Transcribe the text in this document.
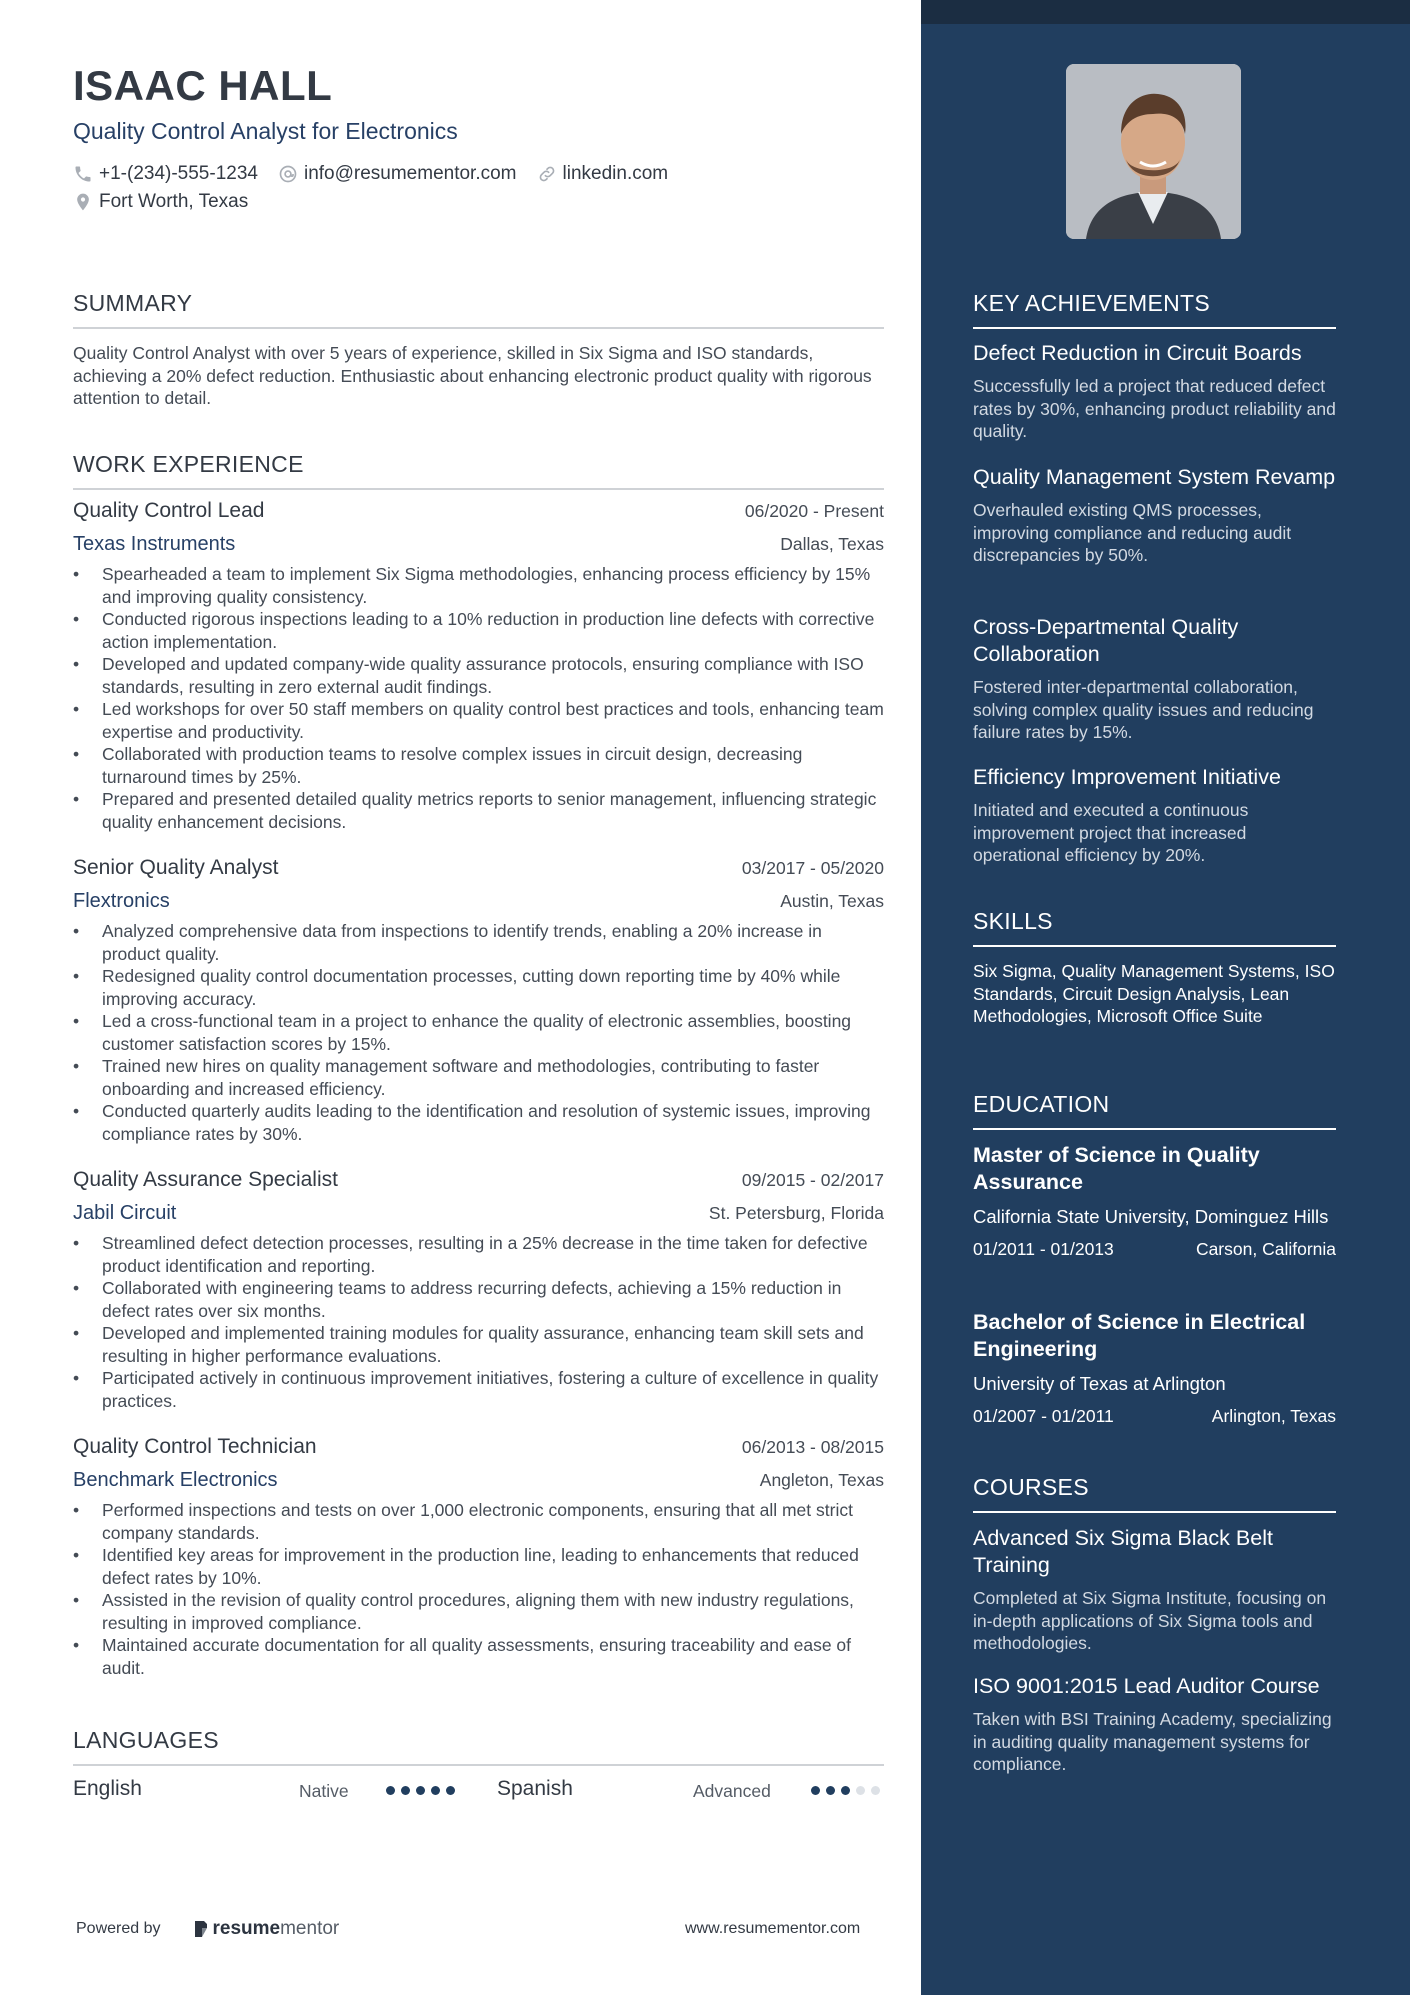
ISAAC HALL
Quality Control Analyst for Electronics
+1-(234)-555-1234 info@resumementor.com linkedin.com
Fort Worth, Texas
SUMMARY
Quality Control Analyst with over 5 years of experience, skilled in Six Sigma and ISO standards, achieving a 20% defect reduction. Enthusiastic about enhancing electronic product quality with rigorous attention to detail.
WORK EXPERIENCE
Quality Control Lead	06/2020 - Present
Texas Instruments	Dallas, Texas
• Spearheaded a team to implement Six Sigma methodologies, enhancing process efficiency by 15% and improving quality consistency.
• Conducted rigorous inspections leading to a 10% reduction in production line defects with corrective action implementation.
• Developed and updated company-wide quality assurance protocols, ensuring compliance with ISO standards, resulting in zero external audit findings.
• Led workshops for over 50 staff members on quality control best practices and tools, enhancing team expertise and productivity.
• Collaborated with production teams to resolve complex issues in circuit design, decreasing turnaround times by 25%.
• Prepared and presented detailed quality metrics reports to senior management, influencing strategic quality enhancement decisions.
Senior Quality Analyst	03/2017 - 05/2020
Flextronics	Austin, Texas
• Analyzed comprehensive data from inspections to identify trends, enabling a 20% increase in product quality.
• Redesigned quality control documentation processes, cutting down reporting time by 40% while improving accuracy.
• Led a cross-functional team in a project to enhance the quality of electronic assemblies, boosting customer satisfaction scores by 15%.
• Trained new hires on quality management software and methodologies, contributing to faster onboarding and increased efficiency.
• Conducted quarterly audits leading to the identification and resolution of systemic issues, improving compliance rates by 30%.
Quality Assurance Specialist	09/2015 - 02/2017
Jabil Circuit	St. Petersburg, Florida
• Streamlined defect detection processes, resulting in a 25% decrease in the time taken for defective product identification and reporting.
• Collaborated with engineering teams to address recurring defects, achieving a 15% reduction in defect rates over six months.
• Developed and implemented training modules for quality assurance, enhancing team skill sets and resulting in higher performance evaluations.
• Participated actively in continuous improvement initiatives, fostering a culture of excellence in quality practices.
Quality Control Technician	06/2013 - 08/2015
Benchmark Electronics	Angleton, Texas
• Performed inspections and tests on over 1,000 electronic components, ensuring that all met strict company standards.
• Identified key areas for improvement in the production line, leading to enhancements that reduced defect rates by 10%.
• Assisted in the revision of quality control procedures, aligning them with new industry regulations, resulting in improved compliance.
• Maintained accurate documentation for all quality assessments, ensuring traceability and ease of audit.
LANGUAGES
English	Native	Spanish	Advanced
Powered by	resume mentor	www.resumementor.com
KEY ACHIEVEMENTS
Defect Reduction in Circuit Boards
Successfully led a project that reduced defect rates by 30%, enhancing product reliability and quality.
Quality Management System Revamp
Overhauled existing QMS processes, improving compliance and reducing audit discrepancies by 50%.
Cross-Departmental Quality Collaboration
Fostered inter-departmental collaboration, solving complex quality issues and reducing failure rates by 15%.
Efficiency Improvement Initiative
Initiated and executed a continuous improvement project that increased operational efficiency by 20%.
SKILLS
Six Sigma, Quality Management Systems, ISO Standards, Circuit Design Analysis, Lean Methodologies, Microsoft Office Suite
EDUCATION
Master of Science in Quality Assurance
California State University, Dominguez Hills
01/2011 - 01/2013	Carson, California
Bachelor of Science in Electrical Engineering
University of Texas at Arlington
01/2007 - 01/2011	Arlington, Texas
COURSES
Advanced Six Sigma Black Belt Training
Completed at Six Sigma Institute, focusing on in-depth applications of Six Sigma tools and methodologies.
ISO 9001:2015 Lead Auditor Course
Taken with BSI Training Academy, specializing in auditing quality management systems for compliance.
